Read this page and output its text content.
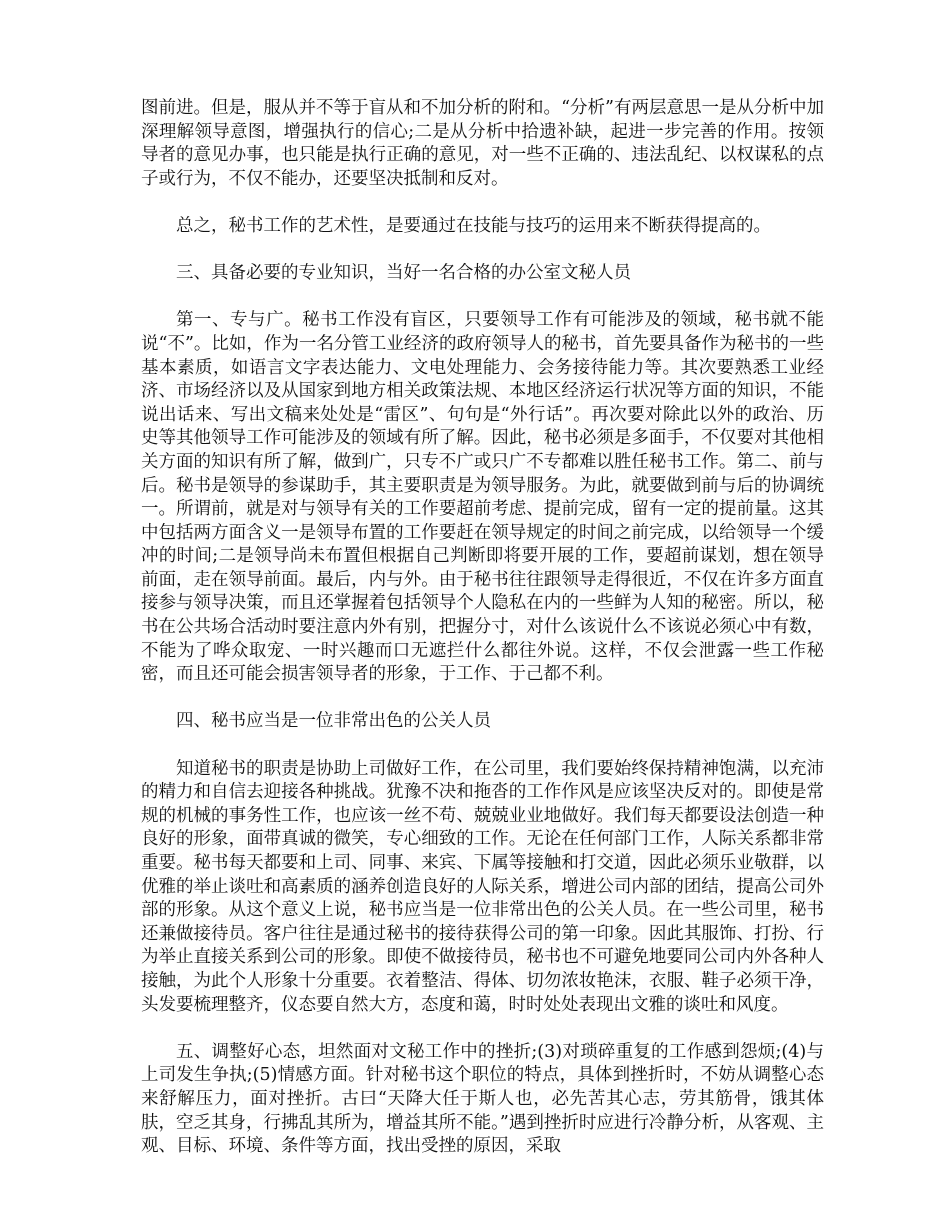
图前进。但是，服从并不等于盲从和不加分析的附和。“分析”有两层意思一是从分析中加深理解领导意图，增强执行的信心;二是从分析中拾遗补缺，起进一步完善的作用。按领导者的意见办事，也只能是执行正确的意见，对一些不正确的、违法乱纪、以权谋私的点子或行为，不仅不能办，还要坚决抵制和反对。

总之，秘书工作的艺术性，是要通过在技能与技巧的运用来不断获得提高的。

三、具备必要的专业知识，当好一名合格的办公室文秘人员

第一、专与广。秘书工作没有盲区，只要领导工作有可能涉及的领域，秘书就不能说“不”。比如，作为一名分管工业经济的政府领导人的秘书，首先要具备作为秘书的一些基本素质，如语言文字表达能力、文电处理能力、会务接待能力等。其次要熟悉工业经济、市场经济以及从国家到地方相关政策法规、本地区经济运行状况等方面的知识，不能说出话来、写出文稿来处处是“雷区”、句句是“外行话”。再次要对除此以外的政治、历史等其他领导工作可能涉及的领域有所了解。因此，秘书必须是多面手，不仅要对其他相关方面的知识有所了解，做到广，只专不广或只广不专都难以胜任秘书工作。第二、前与后。秘书是领导的参谋助手，其主要职责是为领导服务。为此，就要做到前与后的协调统一。所谓前，就是对与领导有关的工作要超前考虑、提前完成，留有一定的提前量。这其中包括两方面含义一是领导布置的工作要赶在领导规定的时间之前完成，以给领导一个缓冲的时间;二是领导尚未布置但根据自己判断即将要开展的工作，要超前谋划，想在领导前面，走在领导前面。最后，内与外。由于秘书往往跟领导走得很近，不仅在许多方面直接参与领导决策，而且还掌握着包括领导个人隐私在内的一些鲜为人知的秘密。所以，秘书在公共场合活动时要注意内外有别，把握分寸，对什么该说什么不该说必须心中有数，不能为了哗众取宠、一时兴趣而口无遮拦什么都往外说。这样，不仅会泄露一些工作秘密，而且还可能会损害领导者的形象，于工作、于己都不利。

四、秘书应当是一位非常出色的公关人员

知道秘书的职责是协助上司做好工作，在公司里，我们要始终保持精神饱满，以充沛的精力和自信去迎接各种挑战。犹豫不决和拖沓的工作作风是应该坚决反对的。即使是常规的机械的事务性工作，也应该一丝不苟、兢兢业业地做好。我们每天都要设法创造一种良好的形象，面带真诚的微笑，专心细致的工作。无论在任何部门工作，人际关系都非常重要。秘书每天都要和上司、同事、来宾、下属等接触和打交道，因此必须乐业敬群，以优雅的举止谈吐和高素质的涵养创造良好的人际关系，增进公司内部的团结，提高公司外部的形象。从这个意义上说，秘书应当是一位非常出色的公关人员。在一些公司里，秘书还兼做接待员。客户往往是通过秘书的接待获得公司的第一印象。因此其服饰、打扮、行为举止直接关系到公司的形象。即使不做接待员，秘书也不可避免地要同公司内外各种人接触，为此个人形象十分重要。衣着整洁、得体、切勿浓妆艳沫，衣服、鞋子必须干净，头发要梳理整齐，仪态要自然大方，态度和蔼，时时处处表现出文雅的谈吐和风度。

五、调整好心态，坦然面对文秘工作中的挫折;(3)对琐碎重复的工作感到怨烦;(4)与上司发生争执;(5)情感方面。针对秘书这个职位的特点，具体到挫折时，不妨从调整心态来舒解压力，面对挫折。古曰“天降大任于斯人也，必先苦其心志，劳其筋骨，饿其体肤，空乏其身，行拂乱其所为，增益其所不能。”遇到挫折时应进行冷静分析，从客观、主观、目标、环境、条件等方面，找出受挫的原因，采取
